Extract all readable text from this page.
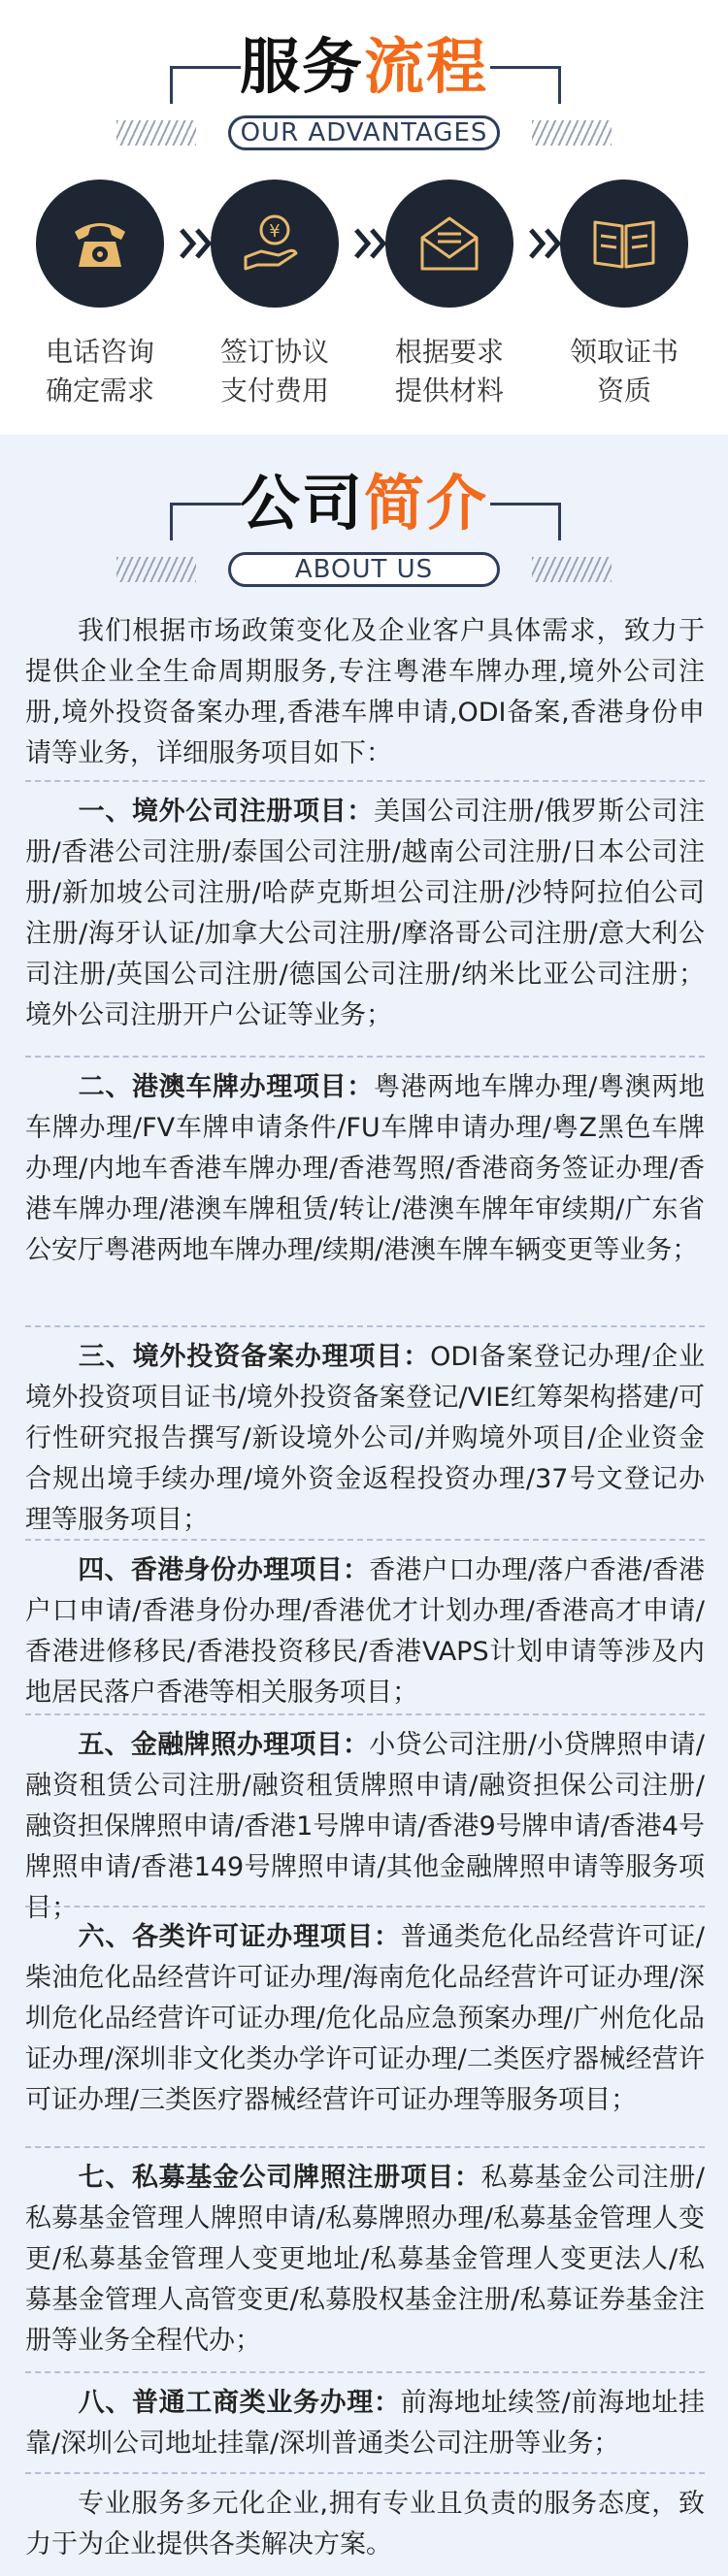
服务流程
OUR ADVANTAGES
电话咨询
确定需求
¥
签订协议
支付费用
根据要求
提供材料
领取证书
资质
公司简介
ABOUT US

我们根据市场政策变化及企业客户具体需求，致力于提供企业全生命周期服务,专注粤港车牌办理,境外公司注册,境外投资备案办理,香港车牌申请,ODI备案,香港身份申请等业务，详细服务项目如下：

一、境外公司注册项目：美国公司注册/俄罗斯公司注册/香港公司注册/泰国公司注册/越南公司注册/日本公司注册/新加坡公司注册/哈萨克斯坦公司注册/沙特阿拉伯公司注册/海牙认证/加拿大公司注册/摩洛哥公司注册/意大利公司注册/英国公司注册/德国公司注册/纳米比亚公司注册；境外公司注册开户公证等业务；

二、港澳车牌办理项目：粤港两地车牌办理/粤澳两地车牌办理/FV车牌申请条件/FU车牌申请办理/粤Z黑色车牌办理/内地车香港车牌办理/香港驾照/香港商务签证办理/香港车牌办理/港澳车牌租赁/转让/港澳车牌年审续期/广东省公安厅粤港两地车牌办理/续期/港澳车牌车辆变更等业务；

三、境外投资备案办理项目：ODI备案登记办理/企业境外投资项目证书/境外投资备案登记/VIE红筹架构搭建/可行性研究报告撰写/新设境外公司/并购境外项目/企业资金合规出境手续办理/境外资金返程投资办理/37号文登记办理等服务项目；

四、香港身份办理项目：香港户口办理/落户香港/香港户口申请/香港身份办理/香港优才计划办理/香港高才申请/香港进修移民/香港投资移民/香港VAPS计划申请等涉及内地居民落户香港等相关服务项目；

五、金融牌照办理项目：小贷公司注册/小贷牌照申请/融资租赁公司注册/融资租赁牌照申请/融资担保公司注册/融资担保牌照申请/香港1号牌申请/香港9号牌申请/香港4号牌照申请/香港149号牌照申请/其他金融牌照申请等服务项目；

六、各类许可证办理项目：普通类危化品经营许可证/柴油危化品经营许可证办理/海南危化品经营许可证办理/深圳危化品经营许可证办理/危化品应急预案办理/广州危化品证办理/深圳非文化类办学许可证办理/二类医疗器械经营许可证办理/三类医疗器械经营许可证办理等服务项目；

七、私募基金公司牌照注册项目：私募基金公司注册/私募基金管理人牌照申请/私募牌照办理/私募基金管理人变更/私募基金管理人变更地址/私募基金管理人变更法人/私募基金管理人高管变更/私募股权基金注册/私募证券基金注册等业务全程代办；

八、普通工商类业务办理：前海地址续签/前海地址挂靠/深圳公司地址挂靠/深圳普通类公司注册等业务；

专业服务多元化企业,拥有专业且负责的服务态度，致力于为企业提供各类解决方案。
